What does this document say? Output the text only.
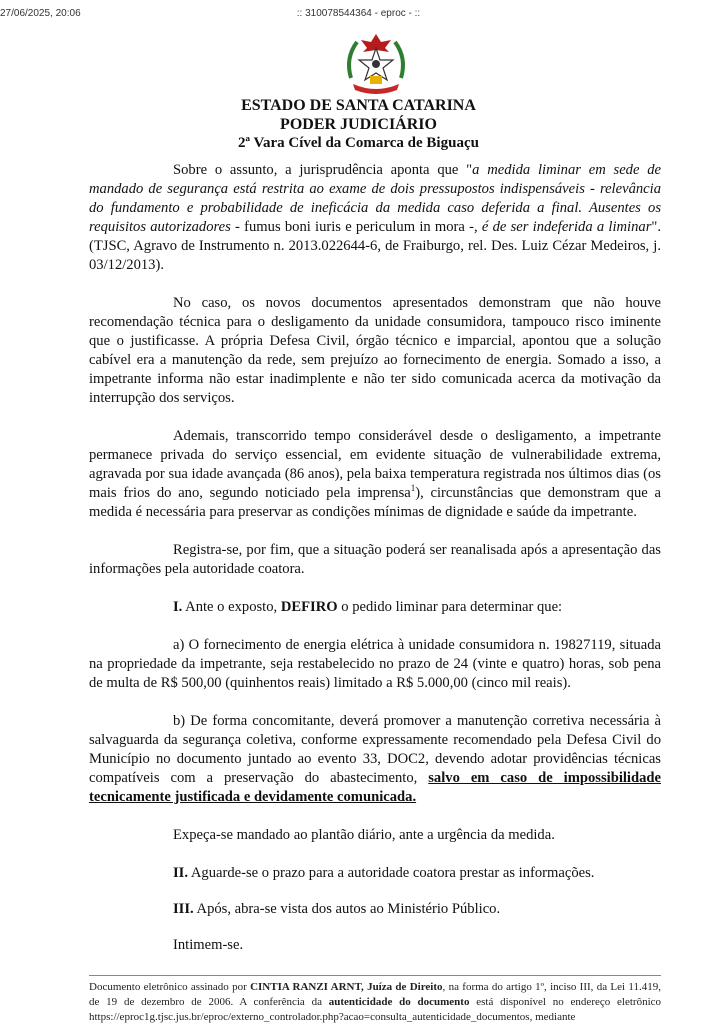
27/06/2025, 20:06	:: 310078544364 - eproc - ::
ESTADO DE SANTA CATARINA
PODER JUDICIÁRIO
2ª Vara Cível da Comarca de Biguaçu

Sobre o assunto, a jurisprudência aponta que "a medida liminar em sede de mandado de segurança está restrita ao exame de dois pressupostos indispensáveis - relevância do fundamento e probabilidade de ineficácia da medida caso deferida a final. Ausentes os requisitos autorizadores - fumus boni iuris e periculum in mora -, é de ser indeferida a liminar". (TJSC, Agravo de Instrumento n. 2013.022644-6, de Fraiburgo, rel. Des. Luiz Cézar Medeiros, j. 03/12/2013).

No caso, os novos documentos apresentados demonstram que não houve recomendação técnica para o desligamento da unidade consumidora, tampouco risco iminente que o justificasse. A própria Defesa Civil, órgão técnico e imparcial, apontou que a solução cabível era a manutenção da rede, sem prejuízo ao fornecimento de energia. Somado a isso, a impetrante informa não estar inadimplente e não ter sido comunicada acerca da motivação da interrupção dos serviços.

Ademais, transcorrido tempo considerável desde o desligamento, a impetrante permanece privada do serviço essencial, em evidente situação de vulnerabilidade extrema, agravada por sua idade avançada (86 anos), pela baixa temperatura registrada nos últimos dias (os mais frios do ano, segundo noticiado pela imprensa$^1$), circunstâncias que demonstram que a medida é necessária para preservar as condições mínimas de dignidade e saúde da impetrante.

Registra-se, por fim, que a situação poderá ser reanalisada após a apresentação das informações pela autoridade coatora.

I. Ante o exposto, DEFIRO o pedido liminar para determinar que:

a) O fornecimento de energia elétrica à unidade consumidora n. 19827119, situada na propriedade da impetrante, seja restabelecido no prazo de 24 (vinte e quatro) horas, sob pena de multa de R$ 500,00 (quinhentos reais) limitado a R$ 5.000,00 (cinco mil reais).

b) De forma concomitante, deverá promover a manutenção corretiva necessária à salvaguarda da segurança coletiva, conforme expressamente recomendado pela Defesa Civil do Município no documento juntado ao evento 33, DOC2, devendo adotar providências técnicas compatíveis com a preservação do abastecimento, salvo em caso de impossibilidade tecnicamente justificada e devidamente comunicada.

Expeça-se mandado ao plantão diário, ante a urgência da medida.

II. Aguarde-se o prazo para a autoridade coatora prestar as informações.

III. Após, abra-se vista dos autos ao Ministério Público.

Intimem-se.

Documento eletrônico assinado por CINTIA RANZI ARNT, Juíza de Direito, na forma do artigo 1º, inciso III, da Lei 11.419, de 19 de dezembro de 2006. A conferência da autenticidade do documento está disponível no endereço eletrônico https://eproc1g.tjsc.jus.br/eproc/externo_controlador.php?acao=consulta_autenticidade_documentos, mediante
